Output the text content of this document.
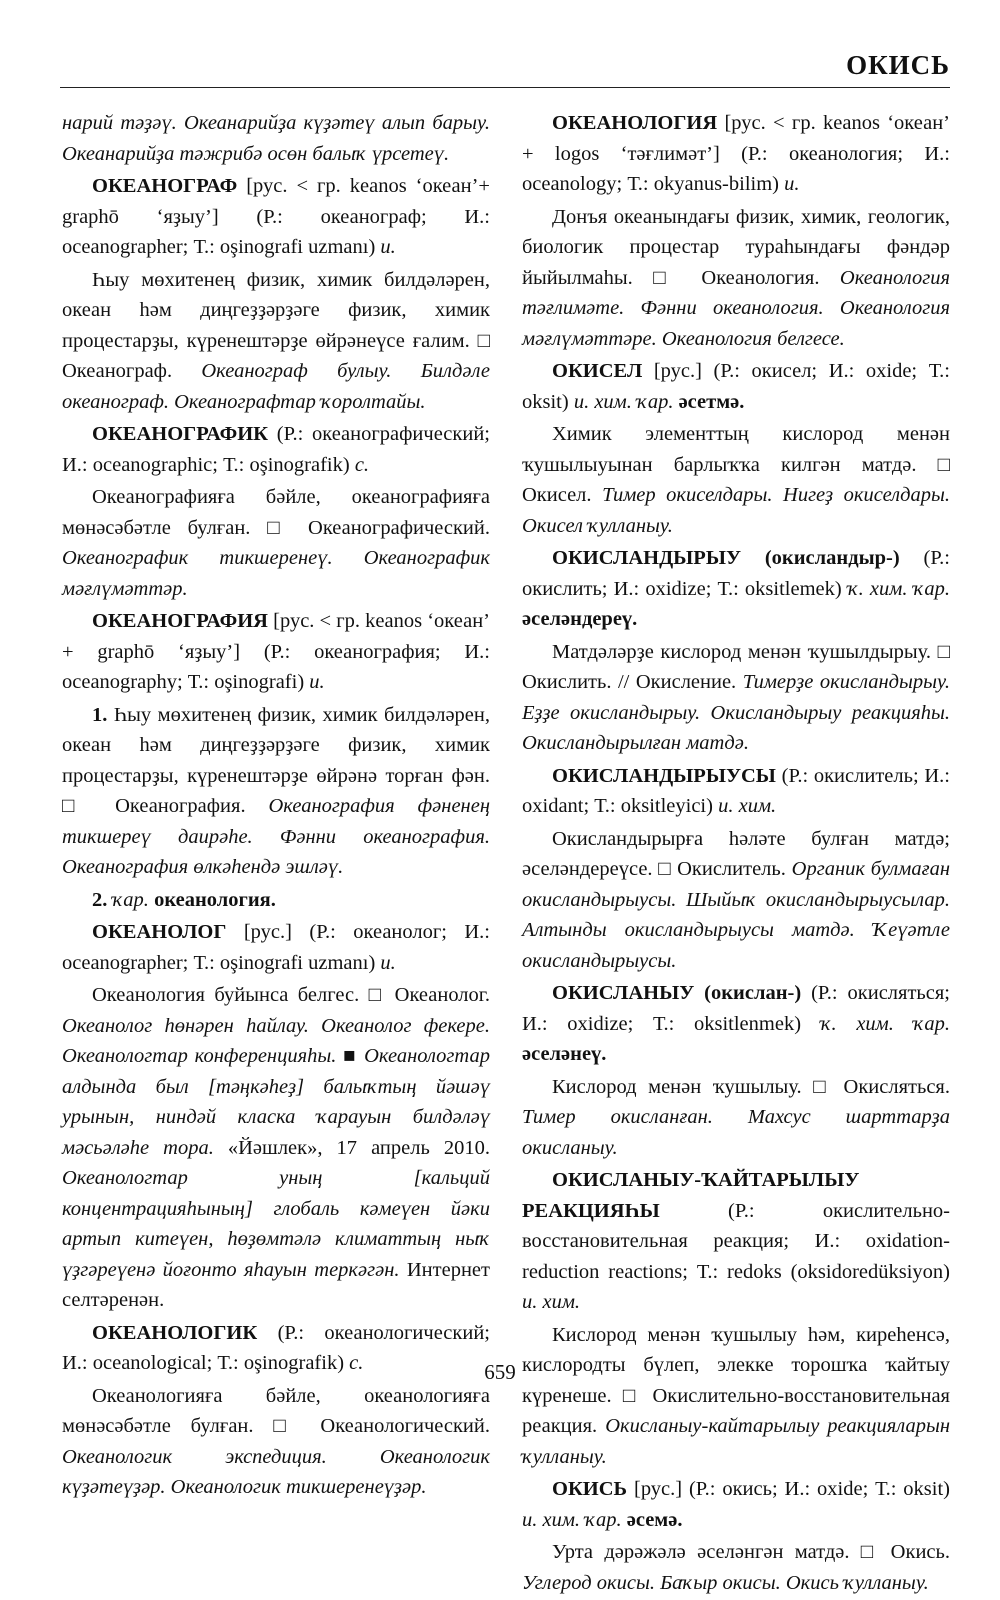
ОКИСЬ

нарий тәҙәү. Океанарийҙа күҙәтеү алып барыу. Океанарийҙа тәжрибә осөн балыҡ үрсетеү.

ОКЕАНОГРАФ [рус. < гр. keanos ‘океан’+ graphō ‘яҙыу’] (Р.: океанограф; И.: oceanographer; Т.: oşinografi uzmanı) и.

Һыу мөхитенең физик, химик билдәләрен, океан һәм диңгеҙҙәрҙәге физик, химик процестарҙы, күренештәрҙе өйрәнеүсе ғалим. □ Океанограф. Океанограф булыу. Билдәле океанограф. Океанографтар ҡоролтайы.

ОКЕАНОГРАФИК (Р.: океанографический; И.: oceanographic; Т.: oşinografik) с.

Океанографияға бәйле, океанографияға мөнәсәбәтле булған. □ Океанографический. Океанографик тикшеренеү. Океанографик мәғлүмәттәр.

ОКЕАНОГРАФИЯ [рус. < гр. keanos ‘океан’ + graphō ‘яҙыу’] (Р.: океанография; И.: oceanography; Т.: oşinografi) и.

1. Һыу мөхитенең физик, химик билдәләрен, океан һәм диңгеҙҙәрҙәге физик, химик процестарҙы, күренештәрҙе өйрәнә торған фән. □ Океанография. Океанография фәненең тикшереү даирәһе. Фәнни океанография. Океанография өлкәһендә эшләү.

2. ҡар. океанология.

ОКЕАНОЛОГ [рус.] (Р.: океанолог; И.: oceanographer; Т.: oşinografi uzmanı) и.

Океанология буйынса белгес. □ Океанолог. Океанолог һөнәрен һайлау. Океанолог фекере. Океанологтар конференцияһы. ■ Океанологтар алдында был [тәңкәһеҙ] балыҡтың йәшәү урынын, ниндәй класка ҡарауын билдәләү мәсьәләһе тора. «Йәшлек», 17 апрель 2010. Океанологтар уның [кальций концентрацияһының] глобаль кәмеүен йәки артып китеүен, һөҙөмтәлә климаттың ныҡ үҙгәреүенә йоғонто яһауын теркәгән. Интернет селтәренән.

ОКЕАНОЛОГИК (Р.: океанологический; И.: oceanological; Т.: oşinografik) с.

Океанологияға бәйле, океанологияға мөнәсәбәтле булған. □ Океанологический. Океанологик экспедиция. Океанологик күҙәтеүҙәр. Океанологик тикшеренеүҙәр.

ОКЕАНОЛОГИЯ [рус. < гр. keanos ‘океан’ + logos ‘тәғлимәт’] (Р.: океанология; И.: oceanology; Т.: okyanus-bilim) и.

Донъя океанындағы физик, химик, геологик, биологик процестар тураһындағы фәндәр йыйылмаһы. □ Океанология. Океанология тәғлимәте. Фәнни океанология. Океанология мәғлүмәттәре. Океанология белгесе.

ОКИСЕЛ [рус.] (Р.: окисел; И.: oxide; Т.: oksit) и. хим. ҡар. әсетмә.

Химик элементтың кислород менән ҡушылыуынан барлыҡҡа килгән матдә. □ Окисел. Тимер окиселдары. Нигеҙ окиселдары. Окисел ҡулланыу.

ОКИСЛАНДЫРЫУ (окисландыр-) (Р.: окислить; И.: oxidize; Т.: oksitlemek) ҡ. хим. ҡар. әселәндереү.

Матдәләрҙе кислород менән ҡушылдырыу. □ Окислить. // Окисление. Тимерҙе окисландырыу. Еҙҙе окисландырыу. Окисландырыу реакцияһы. Окисландырылған матдә.

ОКИСЛАНДЫРЫУСЫ (Р.: окислитель; И.: oxidant; Т.: oksitleyici) и. хим.

Окисландырырға һәләте булған матдә; әселәндереүсе. □ Окислитель. Органик булмаған окисландырыусы. Шыйыҡ окисландырыусылар. Алтынды окисландырыусы матдә. Ҡеүәтле окисландырыусы.

ОКИСЛАНЫУ (окислан-) (Р.: окисляться; И.: oxidize; Т.: oksitlenmek) ҡ. хим. ҡар. әселәнеү.

Кислород менән ҡушылыу. □ Окисляться. Тимер окисланған. Махсус шарттарҙа окисланыу.

ОКИСЛАНЫУ-ҠАЙТАРЫЛЫУ РЕАКЦИЯҺЫ (Р.: окислительно-восстановительная реакция; И.: oxidation-reduction reactions; Т.: redoks (oksidoredüksiyon) и. хим.

Кислород менән ҡушылыу һәм, киреһенсә, кислородты бүлеп, элекке торошҡа ҡайтыу күренеше. □ Окислительно-восстановительная реакция. Окисланыу-кайтарылыу реакцияларын ҡулланыу.

ОКИСЬ [рус.] (Р.: окись; И.: oxide; Т.: oksit) и. хим. ҡар. әсемә.

Урта дәрәжәлә әселәнгән матдә. □ Окись. Углерод окисы. Баҡыр окисы. Окись ҡулланыу.

659
